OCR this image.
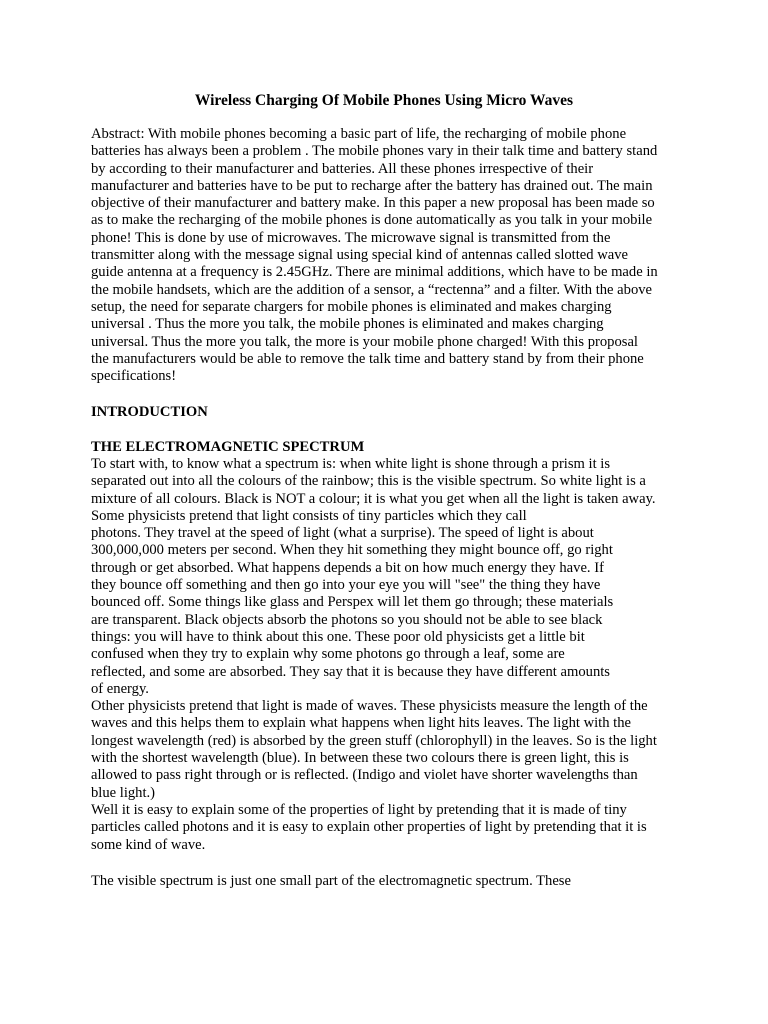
Wireless Charging Of Mobile Phones Using Micro Waves
Abstract: With mobile phones becoming a basic part of life, the recharging of mobile phone
batteries has always been a problem . The mobile phones vary in their talk time and battery stand
by according to their manufacturer and batteries. All these phones irrespective of their
manufacturer and batteries have to be put to recharge after the battery has drained out. The main
objective of their manufacturer and battery make. In this paper a new proposal has been made so
as to make the recharging of the mobile phones is done automatically as you talk in your mobile
phone! This is done by use of microwaves. The microwave signal is transmitted from the
transmitter along with the message signal using special kind of antennas called slotted wave
guide antenna at a frequency is 2.45GHz. There are minimal additions, which have to be made in
the mobile handsets, which are the addition of a sensor, a “rectenna” and a filter. With the above
setup, the need for separate chargers for mobile phones is eliminated and makes charging
universal . Thus the more you talk, the mobile phones is eliminated and makes charging
universal. Thus the more you talk, the more is your mobile phone charged! With this proposal
the manufacturers would be able to remove the talk time and battery stand by from their phone
specifications!
INTRODUCTION
THE ELECTROMAGNETIC SPECTRUM
To start with, to know what a spectrum is: when white light is shone through a prism it is
separated out into all the colours of the rainbow; this is the visible spectrum. So white light is a
mixture of all colours. Black is NOT a colour; it is what you get when all the light is taken away.
Some physicists pretend that light consists of tiny particles which they call
photons. They travel at the speed of light (what a surprise). The speed of light is about
300,000,000 meters per second. When they hit something they might bounce off, go right
through or get absorbed. What happens depends a bit on how much energy they have. If
they bounce off something and then go into your eye you will "see" the thing they have
bounced off. Some things like glass and Perspex will let them go through; these materials
are transparent. Black objects absorb the photons so you should not be able to see black
things: you will have to think about this one. These poor old physicists get a little bit
confused when they try to explain why some photons go through a leaf, some are
reflected, and some are absorbed. They say that it is because they have different amounts
of energy.
Other physicists pretend that light is made of waves. These physicists measure the length of the
waves and this helps them to explain what happens when light hits leaves. The light with the
longest wavelength (red) is absorbed by the green stuff (chlorophyll) in the leaves. So is the light
with the shortest wavelength (blue). In between these two colours there is green light, this is
allowed to pass right through or is reflected. (Indigo and violet have shorter wavelengths than
blue light.)
Well it is easy to explain some of the properties of light by pretending that it is made of tiny
particles called photons and it is easy to explain other properties of light by pretending that it is
some kind of wave.
The visible spectrum is just one small part of the electromagnetic spectrum. These
